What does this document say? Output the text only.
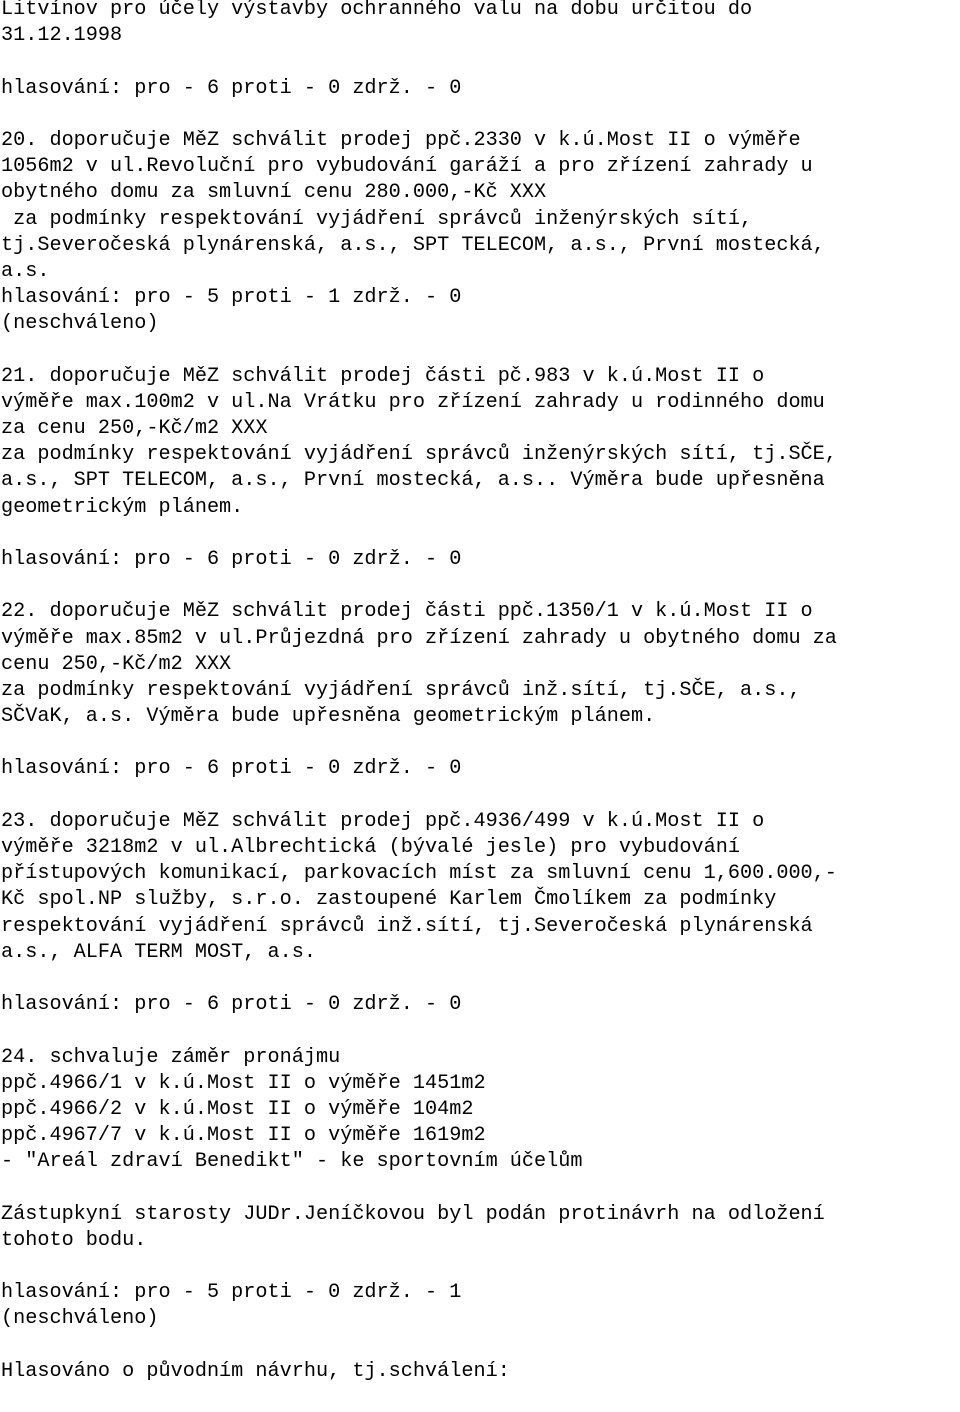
Litvínov pro účely výstavby ochranného valu na dobu určitou do
31.12.1998
hlasování: pro - 6 proti - 0 zdrž. - 0
20. doporučuje MěZ schválit prodej ppč.2330 v k.ú.Most II o výměře
1056m2 v ul.Revoluční pro vybudování garáží a pro zřízení zahrady u
obytného domu za smluvní cenu 280.000,-Kč XXX
za podmínky respektování vyjádření správců inženýrských sítí,
tj.Severočeská plynárenská, a.s., SPT TELECOM, a.s., První mostecká,
a.s.
hlasování: pro - 5 proti - 1 zdrž. - 0
(neschváleno)
21. doporučuje MěZ schválit prodej části pč.983 v k.ú.Most II o
výměře max.100m2 v ul.Na Vrátku pro zřízení zahrady u rodinného domu
za cenu 250,-Kč/m2 XXX
za podmínky respektování vyjádření správců inženýrských sítí, tj.SČE,
a.s., SPT TELECOM, a.s., První mostecká, a.s.. Výměra bude upřesněna
geometrickým plánem.
hlasování: pro - 6 proti - 0 zdrž. - 0
22. doporučuje MěZ schválit prodej části ppč.1350/1 v k.ú.Most II o
výměře max.85m2 v ul.Průjezdná pro zřízení zahrady u obytného domu za
cenu 250,-Kč/m2 XXX
za podmínky respektování vyjádření správců inž.sítí, tj.SČE, a.s.,
SČVaK, a.s. Výměra bude upřesněna geometrickým plánem.
hlasování: pro - 6 proti - 0 zdrž. - 0
23. doporučuje MěZ schválit prodej ppč.4936/499 v k.ú.Most II o
výměře 3218m2 v ul.Albrechtická (bývalé jesle) pro vybudování
přístupových komunikací, parkovacích míst za smluvní cenu 1,600.000,-
Kč spol.NP služby, s.r.o. zastoupené Karlem Čmolíkem za podmínky
respektování vyjádření správců inž.sítí, tj.Severočeská plynárenská
a.s., ALFA TERM MOST, a.s.
hlasování: pro - 6 proti - 0 zdrž. - 0
24. schvaluje záměr pronájmu
ppč.4966/1 v k.ú.Most II o výměře 1451m2
ppč.4966/2 v k.ú.Most II o výměře 104m2
ppč.4967/7 v k.ú.Most II o výměře 1619m2
- "Areál zdraví Benedikt" - ke sportovním účelům
Zástupkyní starosty JUDr.Jeníčkovou byl podán protinávrh na odložení
tohoto bodu.
hlasování: pro - 5 proti - 0 zdrž. - 1
(neschváleno)
Hlasováno o původním návrhu, tj.schválení:
